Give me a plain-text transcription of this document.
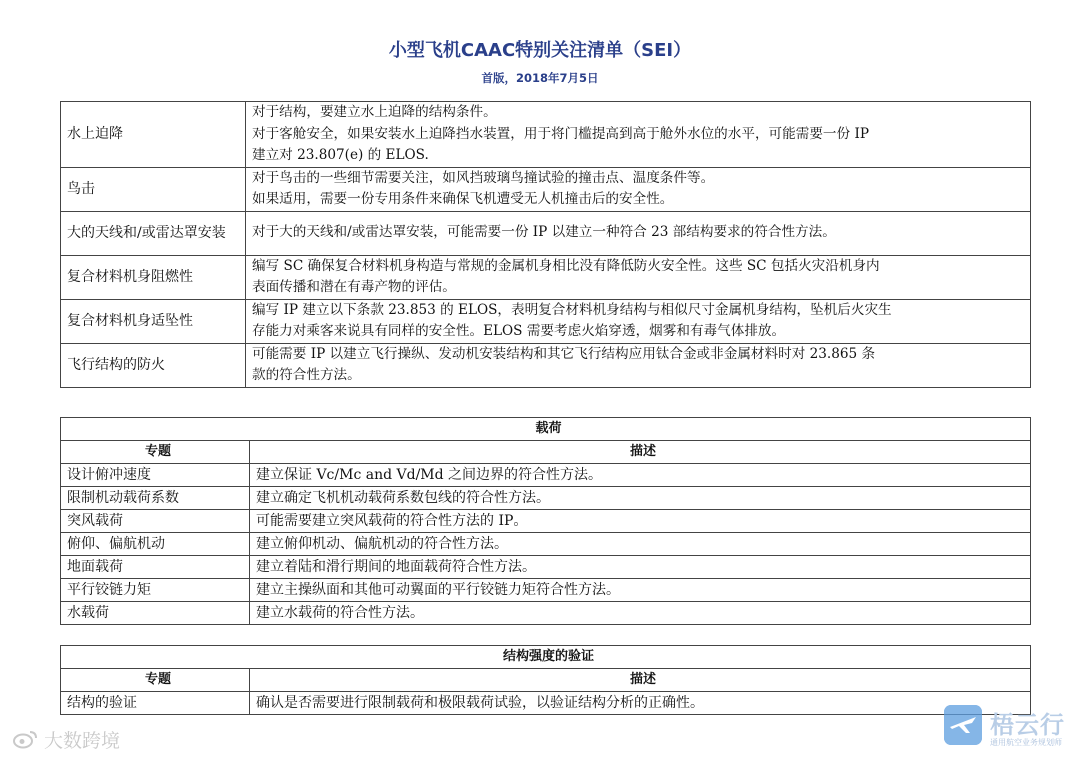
小型飞机CAAC特别关注清单（SEI）
首版，2018年7月5日
水上迫降	对于结构，要建立水上迫降的结构条件。
对于客舱安全，如果安装水上迫降挡水装置，用于将门槛提高到高于舱外水位的水平，可能需要一份 IP
建立对 23.807(e) 的 ELOS.

鸟击	对于鸟击的一些细节需要关注，如风挡玻璃鸟撞试验的撞击点、温度条件等。
如果适用，需要一份专用条件来确保飞机遭受无人机撞击后的安全性。

大的天线和/或雷达罩安装	对于大的天线和/或雷达罩安装，可能需要一份 IP 以建立一种符合 23 部结构要求的符合性方法。

复合材料机身阻燃性	编写 SC 确保复合材料机身构造与常规的金属机身相比没有降低防火安全性。这些 SC 包括火灾沿机身内
表面传播和潜在有毒产物的评估。

复合材料机身适坠性	编写 IP 建立以下条款 23.853 的 ELOS，表明复合材料机身结构与相似尺寸金属机身结构，坠机后火灾生
存能力对乘客来说具有同样的安全性。ELOS 需要考虑火焰穿透，烟雾和有毒气体排放。

飞行结构的防火	可能需要 IP 以建立飞行操纵、发动机安装结构和其它飞行结构应用钛合金或非金属材料时对 23.865 条
款的符合性方法。
载荷	
专题	描述
设计俯冲速度	建立保证 Vc/Mc and Vd/Md 之间边界的符合性方法。
限制机动载荷系数	建立确定飞机机动载荷系数包线的符合性方法。
突风载荷	可能需要建立突风载荷的符合性方法的 IP。
俯仰、偏航机动	建立俯仰机动、偏航机动的符合性方法。
地面载荷	建立着陆和滑行期间的地面载荷符合性方法。
平行铰链力矩	建立主操纵面和其他可动翼面的平行铰链力矩符合性方法。
水载荷	建立水载荷的符合性方法。
结构强度的验证	
专题	描述
结构的验证	确认是否需要进行限制载荷和极限载荷试验，以验证结构分析的正确性。
大数跨境
梧云行
通用航空业务规划师
